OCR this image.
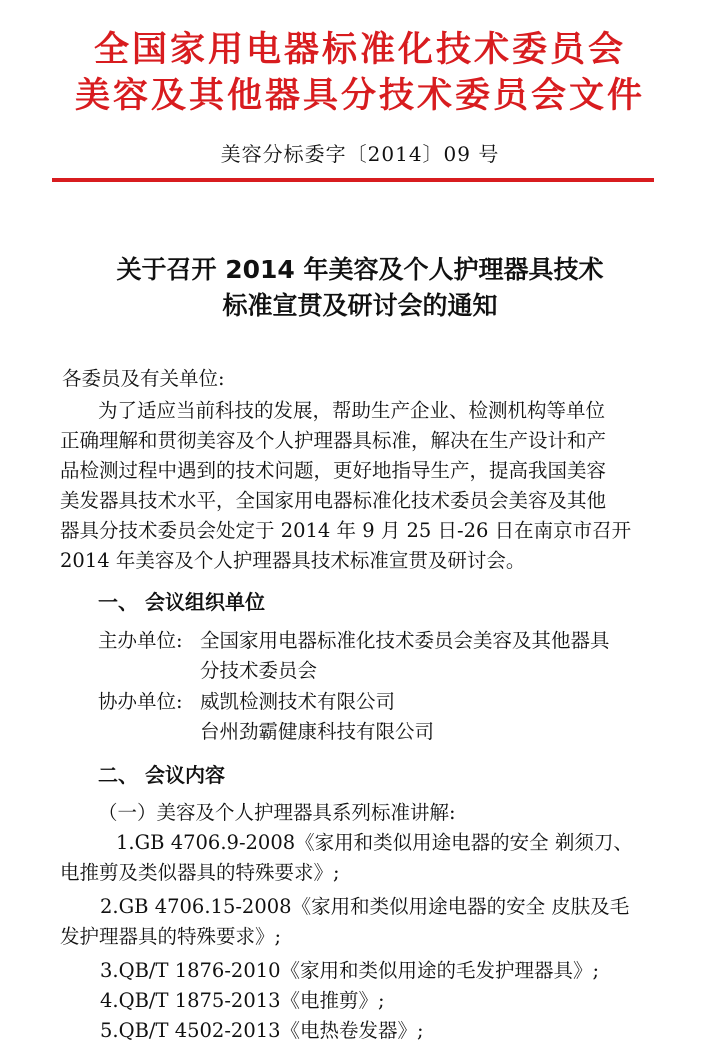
全国家用电器标准化技术委员会
美容及其他器具分技术委员会文件
美容分标委字〔2014〕09 号
关于召开 2014 年美容及个人护理器具技术
标准宣贯及研讨会的通知
各委员及有关单位:
为了适应当前科技的发展，帮助生产企业、检测机构等单位
正确理解和贯彻美容及个人护理器具标准，解决在生产设计和产
品检测过程中遇到的技术问题，更好地指导生产，提高我国美容
美发器具技术水平，全国家用电器标准化技术委员会美容及其他
器具分技术委员会处定于 2014 年 9 月 25 日-26 日在南京市召开
2014 年美容及个人护理器具技术标准宣贯及研讨会。
一、 会议组织单位
主办单位: 全国家用电器标准化技术委员会美容及其他器具
分技术委员会
协办单位: 威凯检测技术有限公司
台州劲霸健康科技有限公司
二、 会议内容
（一）美容及个人护理器具系列标准讲解:
1.GB 4706.9-2008《家用和类似用途电器的安全 剃须刀、
电推剪及类似器具的特殊要求》;
2.GB 4706.15-2008《家用和类似用途电器的安全 皮肤及毛
发护理器具的特殊要求》;
3.QB/T 1876-2010《家用和类似用途的毛发护理器具》;
4.QB/T 1875-2013《电推剪》;
5.QB/T 4502-2013《电热卷发器》;
